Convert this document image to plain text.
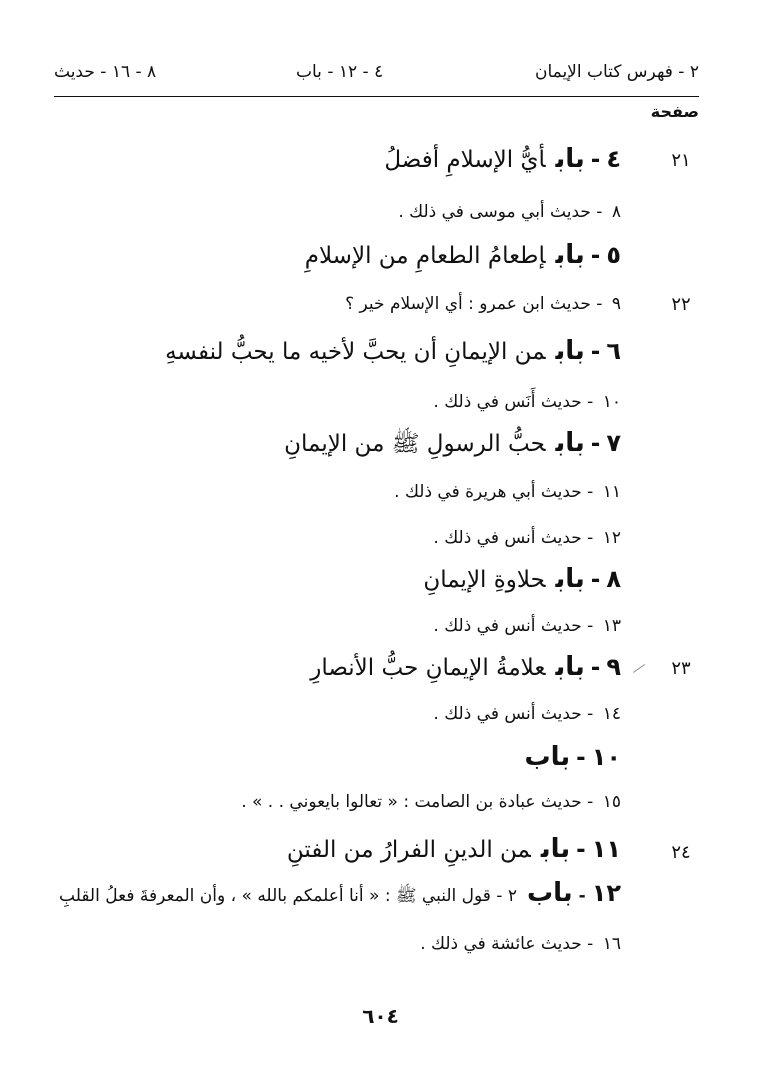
٢ - فهرس كتاب الإيمان
٤ - ١٢ - باب
٨ - ١٦ - حديث
صفحة
٢١
٢٢
٢٣
٢٤
٤-بابأيُّ الإسلامِ أفضلُ
٨ - حديث أبي موسى في ذلك .
٥-بابإطعامُ الطعامِ من الإسلامِ
٩ - حديث ابن عمرو : أي الإسلام خير ؟
٦-بابمن الإيمانِ أن يحبَّ لأخيه ما يحبُّ لنفسهِ
١٠ - حديث أَنَس في ذلك .
٧-بابحبُّ الرسولِ ﷺ من الإيمانِ
١١ - حديث أبي هريرة في ذلك .
١٢ - حديث أنس في ذلك .
٨-بابحلاوةِ الإيمانِ
١٣ - حديث أنس في ذلك .
٩-بابعلامةُ الإيمانِ حبُّ الأنصارِ
١٤ - حديث أنس في ذلك .
١٠-باب
١٥ - حديث عبادة بن الصامت : « تعالوا بايعوني . . » .
١١-بابمن الدينِ الفرارُ من الفتنِ
١٢-باب٢ - قول النبي ﷺ : « أنا أعلمكم بالله » ، وأن المعرفةَ فعلُ القلبِ
١٦ - حديث عائشة في ذلك .
٦٠٤
